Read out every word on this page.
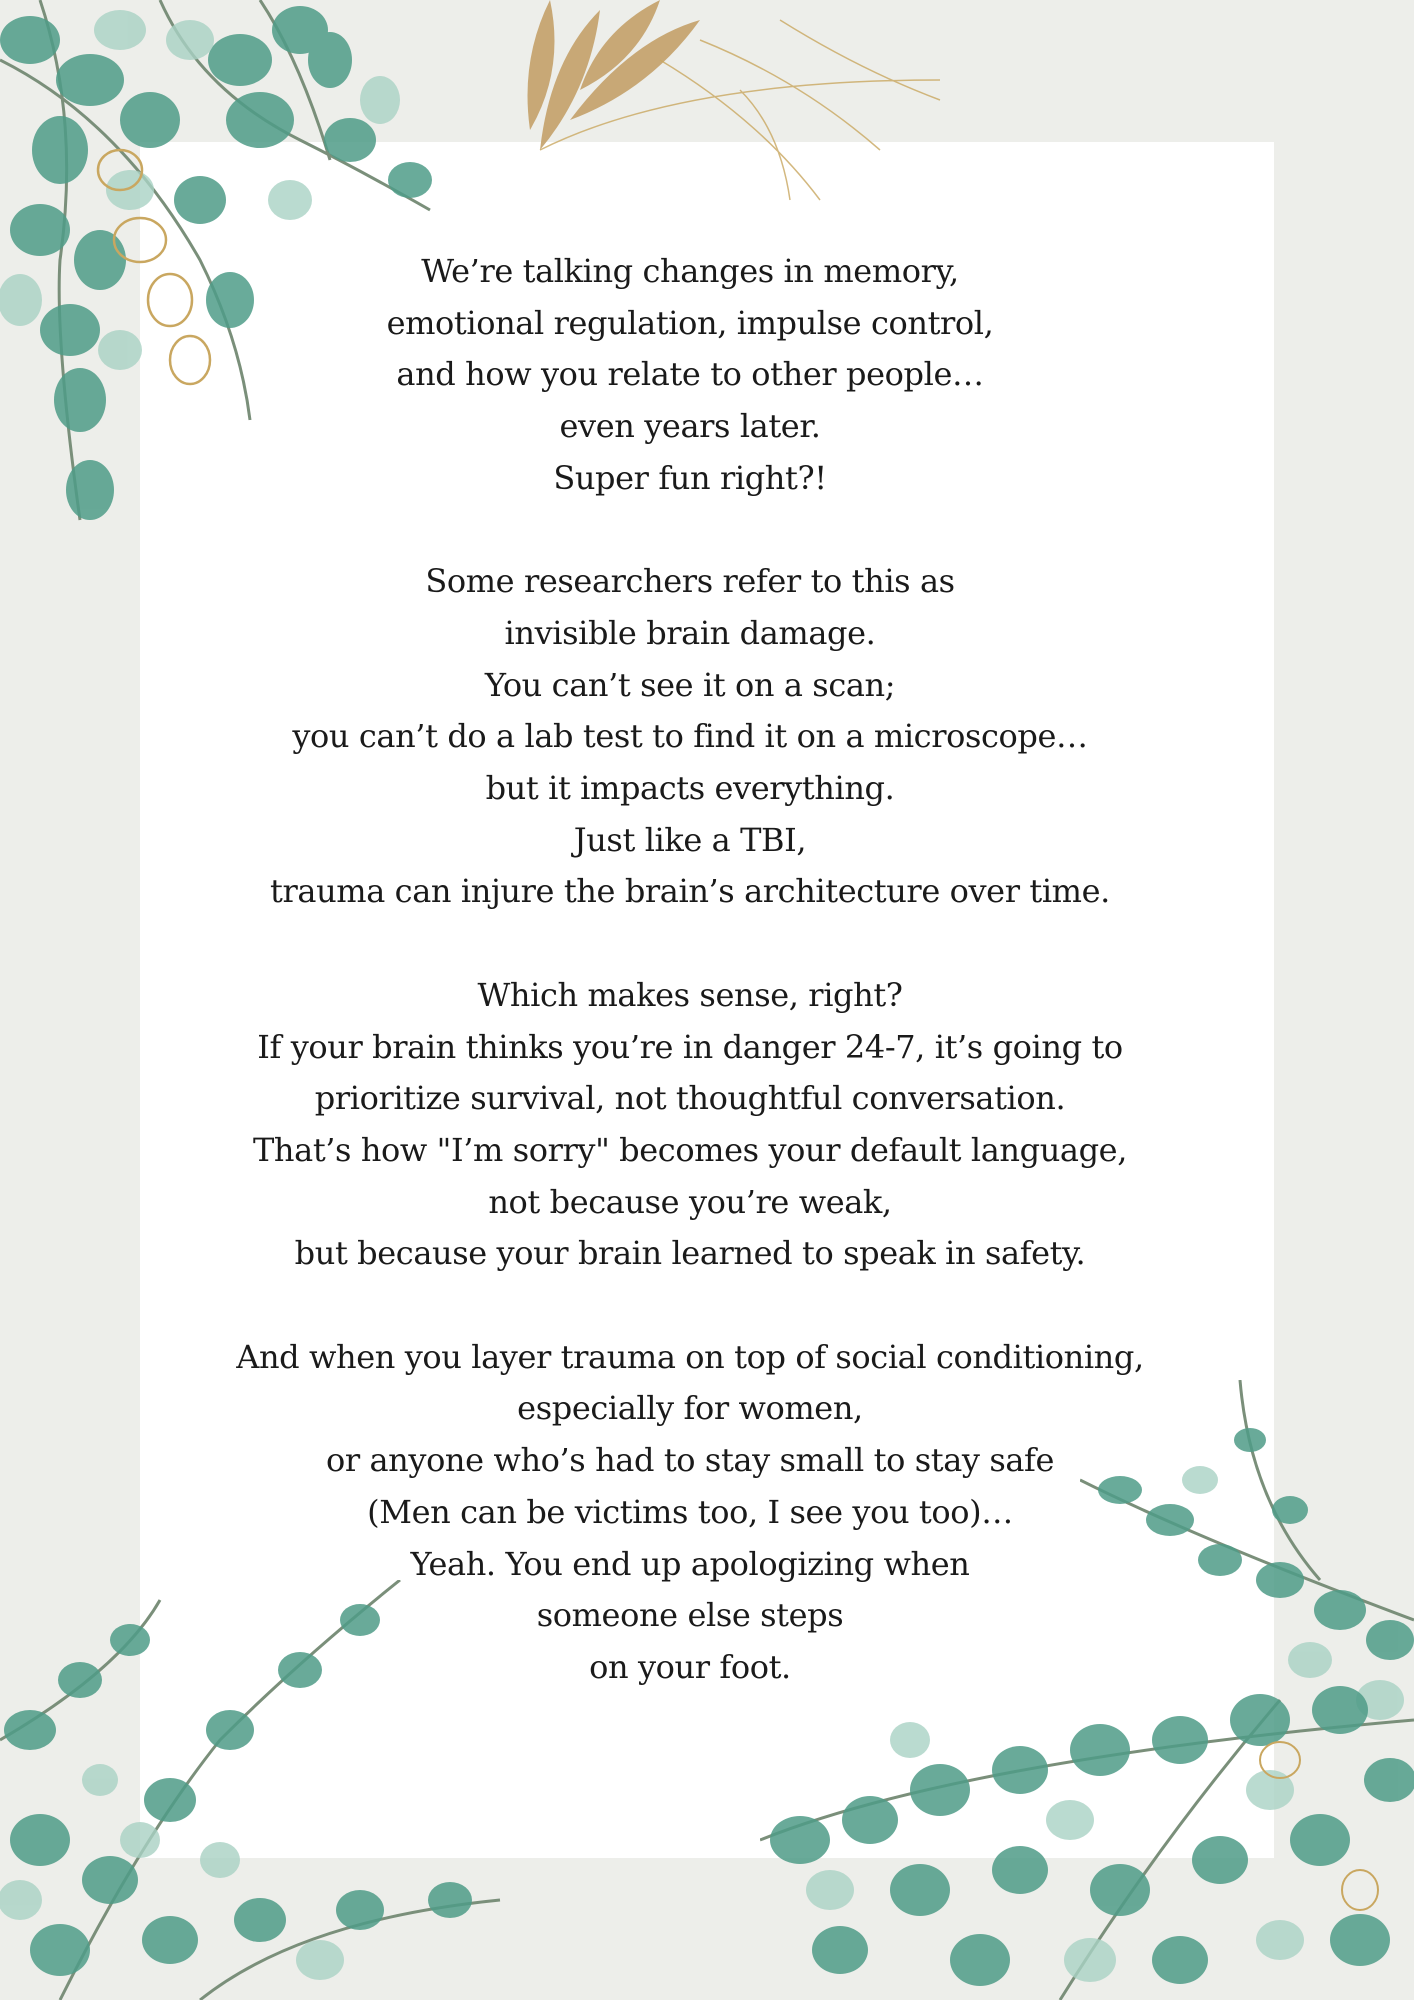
We’re talking changes in memory,
emotional regulation, impulse control,
and how you relate to other people…
even years later.
Super fun right?!
Some researchers refer to this as
invisible brain damage.
You can’t see it on a scan;
you can’t do a lab test to find it on a microscope…
but it impacts everything.
Just like a TBI,
trauma can injure the brain’s architecture over time.
Which makes sense, right?
If your brain thinks you’re in danger 24-7, it’s going to
prioritize survival, not thoughtful conversation.
That’s how "I’m sorry" becomes your default language,
not because you’re weak,
but because your brain learned to speak in safety.
And when you layer trauma on top of social conditioning,
especially for women,
or anyone who’s had to stay small to stay safe
(Men can be victims too, I see you too)…
Yeah. You end up apologizing when
someone else steps
on your foot.
